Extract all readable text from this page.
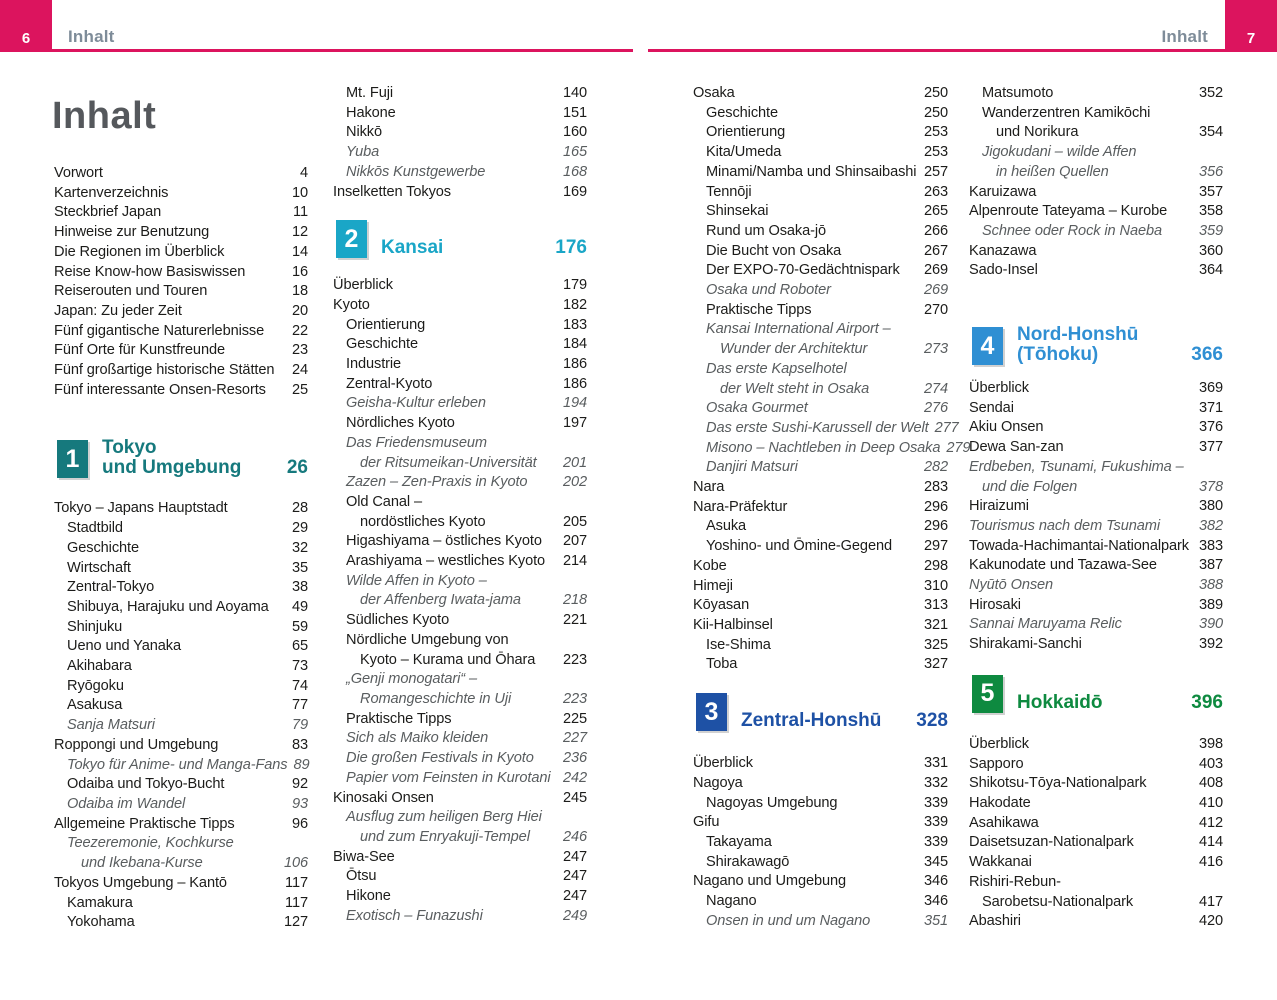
6 Inhalt	7
Inhalt
Inhalt
Vorwort	4
Kartenverzeichnis	10
Steckbrief Japan	11
Hinweise zur Benutzung	12
Die Regionen im Überblick	14
Reise Know-how Basiswissen	16
Reiserouten und Touren	18
Japan: Zu jeder Zeit	20
Fünf gigantische Naturerlebnisse	22
Fünf Orte für Kunstfreunde	23
Fünf großartige historische Stätten	24
Fünf interessante Onsen-Resorts	25
1	Tokyo
und Umgebung	26
Tokyo – Japans Hauptstadt	28
Stadtbild	29
Geschichte	32
Wirtschaft	35
Zentral-Tokyo	38
Shibuya, Harajuku und Aoyama	49
Shinjuku	59
Ueno und Yanaka	65
Akihabara	73
Ryōgoku	74
Asakusa	77
Sanja Matsuri	79
Roppongi und Umgebung	83
Tokyo für Anime- und Manga-Fans 89
Odaiba und Tokyo-Bucht	92
Odaiba im Wandel	93
Allgemeine Praktische Tipps	96
Teezeremonie, Kochkurse
und Ikebana-Kurse	106
Tokyos Umgebung – Kantō	117
Kamakura	117
Yokohama	127
Mt. Fuji	140
Hakone	151
Nikkō	160
Yuba	165
Nikkōs Kunstgewerbe	168
Inselketten Tokyos	169
2	Kansai	176
Überblick	179
Kyoto	182
Orientierung	183
Geschichte	184
Industrie	186
Zentral-Kyoto	186
Geisha-Kultur erleben	194
Nördliches Kyoto	197
Das Friedensmuseum
der Ritsumeikan-Universität	201
Zazen – Zen-Praxis in Kyoto	202
Old Canal –
nordöstliches Kyoto	205
Higashiyama – östliches Kyoto	207
Arashiyama – westliches Kyoto	214
Wilde Affen in Kyoto –
der Affenberg Iwata-jama	218
Südliches Kyoto	221
Nördliche Umgebung von
Kyoto – Kurama und Ōhara	223
„Genji monogatari“ –
Romangeschichte in Uji	223
Praktische Tipps	225
Sich als Maiko kleiden	227
Die großen Festivals in Kyoto	236
Papier vom Feinsten in Kurotani 242
Kinosaki Onsen	245
Ausflug zum heiligen Berg Hiei
und zum Enryakuji-Tempel	246
Biwa-See	247
Ōtsu	247
Hikone	247
Exotisch – Funazushi	249
Osaka	250
Geschichte	250
Orientierung	253
Kita/Umeda	253
Minami/Namba und Shinsaibashi 257
Tennōji	263
Shinsekai	265
Rund um Osaka-jō	266
Die Bucht von Osaka	267
Der EXPO-70-Gedächtnispark	269
Osaka und Roboter	269
Praktische Tipps	270
Kansai International Airport –
Wunder der Architektur	273
Das erste Kapselhotel
der Welt steht in Osaka	274
Osaka Gourmet	276
Das erste Sushi-Karussell der Welt 277
Misono – Nachtleben in Deep Osaka 279
Danjiri Matsuri	282
Nara	283
Nara-Präfektur	296
Asuka	296
Yoshino- und Ōmine-Gegend	297
Kobe	298
Himeji	310
Kōyasan	313
Kii-Halbinsel	321
Ise-Shima	325
Toba	327
3	Zentral-Honshū	328
Überblick	331
Nagoya	332
Nagoyas Umgebung	339
Gifu	339
Takayama	339
Shirakawagō	345
Nagano und Umgebung	346
Nagano	346
Onsen in und um Nagano	351
Matsumoto	352
Wanderzentren Kamikōchi
und Norikura	354
Jigokudani – wilde Affen
in heißen Quellen	356
Karuizawa	357
Alpenroute Tateyama – Kurobe	358
Schnee oder Rock in Naeba	359
Kanazawa	360
Sado-Insel	364
4	Nord-Honshū
(Tōhoku)	366
Überblick	369
Sendai	371
Akiu Onsen	376
Dewa San-zan	377
Erdbeben, Tsunami, Fukushima –
und die Folgen	378
Hiraizumi	380
Tourismus nach dem Tsunami	382
Towada-Hachimantai-Nationalpark 383
Kakunodate und Tazawa-See	387
Nyūtō Onsen	388
Hirosaki	389
Sannai Maruyama Relic	390
Shirakami-Sanchi	392
5	Hokkaidō	396
Überblick	398
Sapporo	403
Shikotsu-Tōya-Nationalpark	408
Hakodate	410
Asahikawa	412
Daisetsuzan-Nationalpark	414
Wakkanai	416
Rishiri-Rebun-
Sarobetsu-Nationalpark	417
Abashiri	420
